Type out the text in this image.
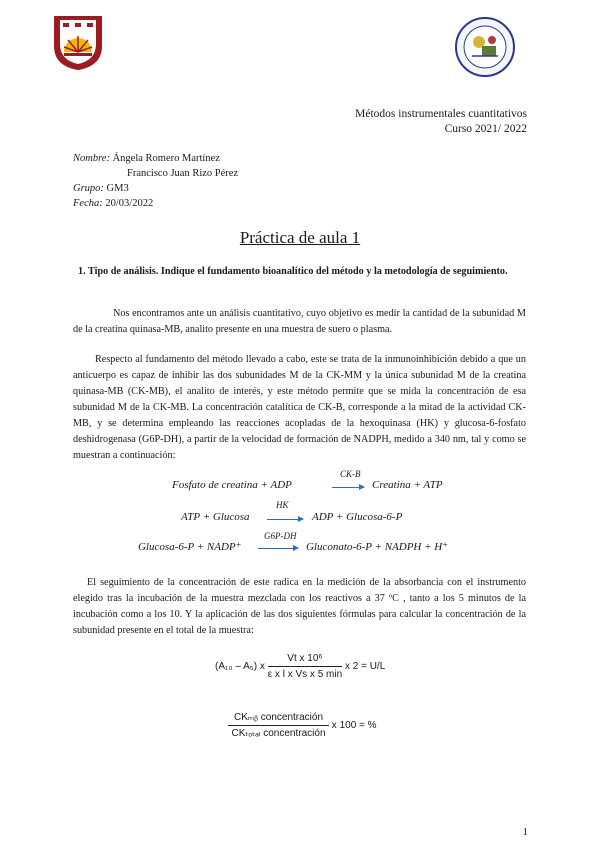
Métodos instrumentales cuantitativos
Curso 2021/ 2022
Nombre: Ángela Romero Martínez
Francisco Juan Rizo Pérez
Grupo: GM3
Fecha: 20/03/2022
Práctica de aula 1
1. Tipo de análisis. Indique el fundamento bioanalítico del método y la metodología de seguimiento.
Nos encontramos ante un análisis cuantitativo, cuyo objetivo es medir la cantidad de la subunidad M de la creatina quinasa-MB, analito presente en una muestra de suero o plasma.
Respecto al fundamento del método llevado a cabo, este se trata de la inmunoinhibición debido a que un anticuerpo es capaz de inhibir las dos subunidades M de la CK-MM y la única subunidad M de la creatina quinasa-MB (CK-MB), el analito de interés, y este método permite que se mida la concentración de esa subunidad M de la CK-MB. La concentración catalítica de CK-B, corresponde a la mitad de la actividad CK-MB, y se determina empleando las reacciones acopladas de la hexoquinasa (HK) y glucosa-6-fosfato deshidrogenasa (G6P-DH), a partir de la velocidad de formación de NADPH, medido a 340 nm, tal y como se muestran a continuación:
Fosfato de creatina + ADP
CK-B
→ Creatina + ATP
ATP + Glucosa
HK
→ ADP + Glucosa-6-P
Glucosa-6-P + NADP⁺
G6P-DH
→ Gluconato-6-P + NADPH + H⁺
El seguimiento de la concentración de este radica en la medición de la absorbancia con el instrumento elegido tras la incubación de la muestra mezclada con los reactivos a 37 ºC , tanto a los 5 minutos de la incubación como a los 10. Y la aplicación de las dos siguientes fórmulas para calcular la concentración de la subunidad presente en el total de la muestra:
(A₁₀ – A₅) x $\frac{\text{Vt x 10⁶}}{\text{ε x l x Vs x 5 min}}$ x 2 = U/L
$\frac{\text{CKₘᵦ concentración}}{\text{CKₜₒₜₐₗ concentración}}$ x 100 = %
1
